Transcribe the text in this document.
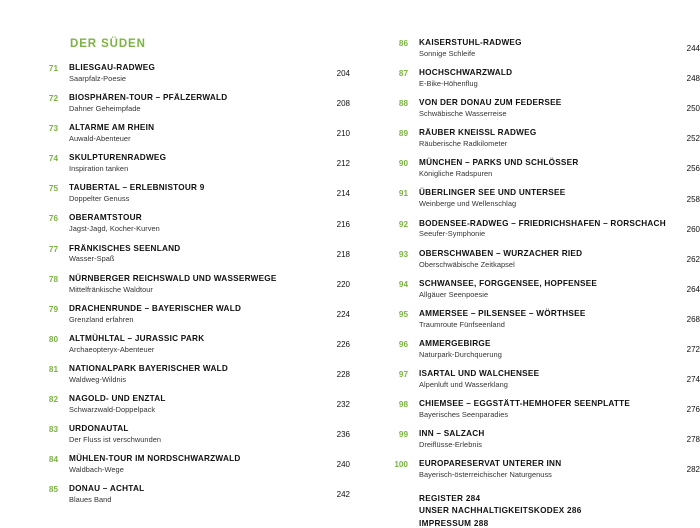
DER SÜDEN
71 BLIESGAU-RADWEG
Saarpfalz-Poesie
204
72 BIOSPHÄREN-TOUR – PFÄLZERWALD
Dahner Geheimpfade
208
73 ALTARME AM RHEIN
Auwald-Abenteuer
210
74 SKULPTURENRADWEG
Inspiration tanken
212
75 TAUBERTAL – ERLEBNISTOUR 9
Doppelter Genuss
214
76 OBERAMTSTOUR
Jagst-Jagd, Kocher-Kurven
216
77 FRÄNKISCHES SEENLAND
Wasser-Spaß
218
78 NÜRNBERGER REICHSWALD UND WASSERWEGE
Mittelfränkische Waldtour
220
79 DRACHENRUNDE – BAYERISCHER WALD
Grenzland erfahren
224
80 ALTMÜHLTAL – JURASSIC PARK
Archaeopteryx-Abenteuer
226
81 NATIONALPARK BAYERISCHER WALD
Waldweg-Wildnis
228
82 NAGOLD- UND ENZTAL
Schwarzwald-Doppelpack
232
83 URDONAUTAL
Der Fluss ist verschwunden
236
84 MÜHLEN-TOUR IM NORDSCHWARZWALD
Waldbach-Wege
240
85 DONAU – ACHTAL
Blaues Band
242
86 KAISERSTUHL-RADWEG
Sonnige Schleife
244
87 HOCHSCHWARZWALD
E-Bike-Höhenflug
248
88 VON DER DONAU ZUM FEDERSEE
Schwäbische Wasserreise
250
89 RÄUBER KNEISSL RADWEG
Räuberische Radkilometer
252
90 MÜNCHEN – PARKS UND SCHLÖSSER
Königliche Radspuren
256
91 ÜBERLINGER SEE UND UNTERSEE
Weinberge und Wellenschlag
258
92 BODENSEE-RADWEG – FRIEDRICHSHAFEN – RORSCHACH
Seeufer-Symphonie
260
93 OBERSCHWABEN – WURZACHER RIED
Oberschwäbische Zeitkapsel
262
94 SCHWANSEE, FORGGENSEE, HOPFENSEE
Allgäuer Seenpoesie
264
95 AMMERSEE – PILSENSEE – WÖRTHSEE
Traumroute Fünfseenland
268
96 AMMERGEBIRGE
Naturpark-Durchquerung
272
97 ISARTAL UND WALCHENSEE
Alpenluft und Wasserklang
274
98 CHIEMSEE – EGGSTÄTT-HEMHOFER SEENPLATTE
Bayerisches Seenparadies
276
99 INN – SALZACH
Dreiflüsse-Erlebnis
278
100 EUROPARESERVAT UNTERER INN
Bayerisch-österreichischer Naturgenuss
282
REGISTER 284
UNSER NACHHALTIGKEITSKODEX 286
IMPRESSUM 288
